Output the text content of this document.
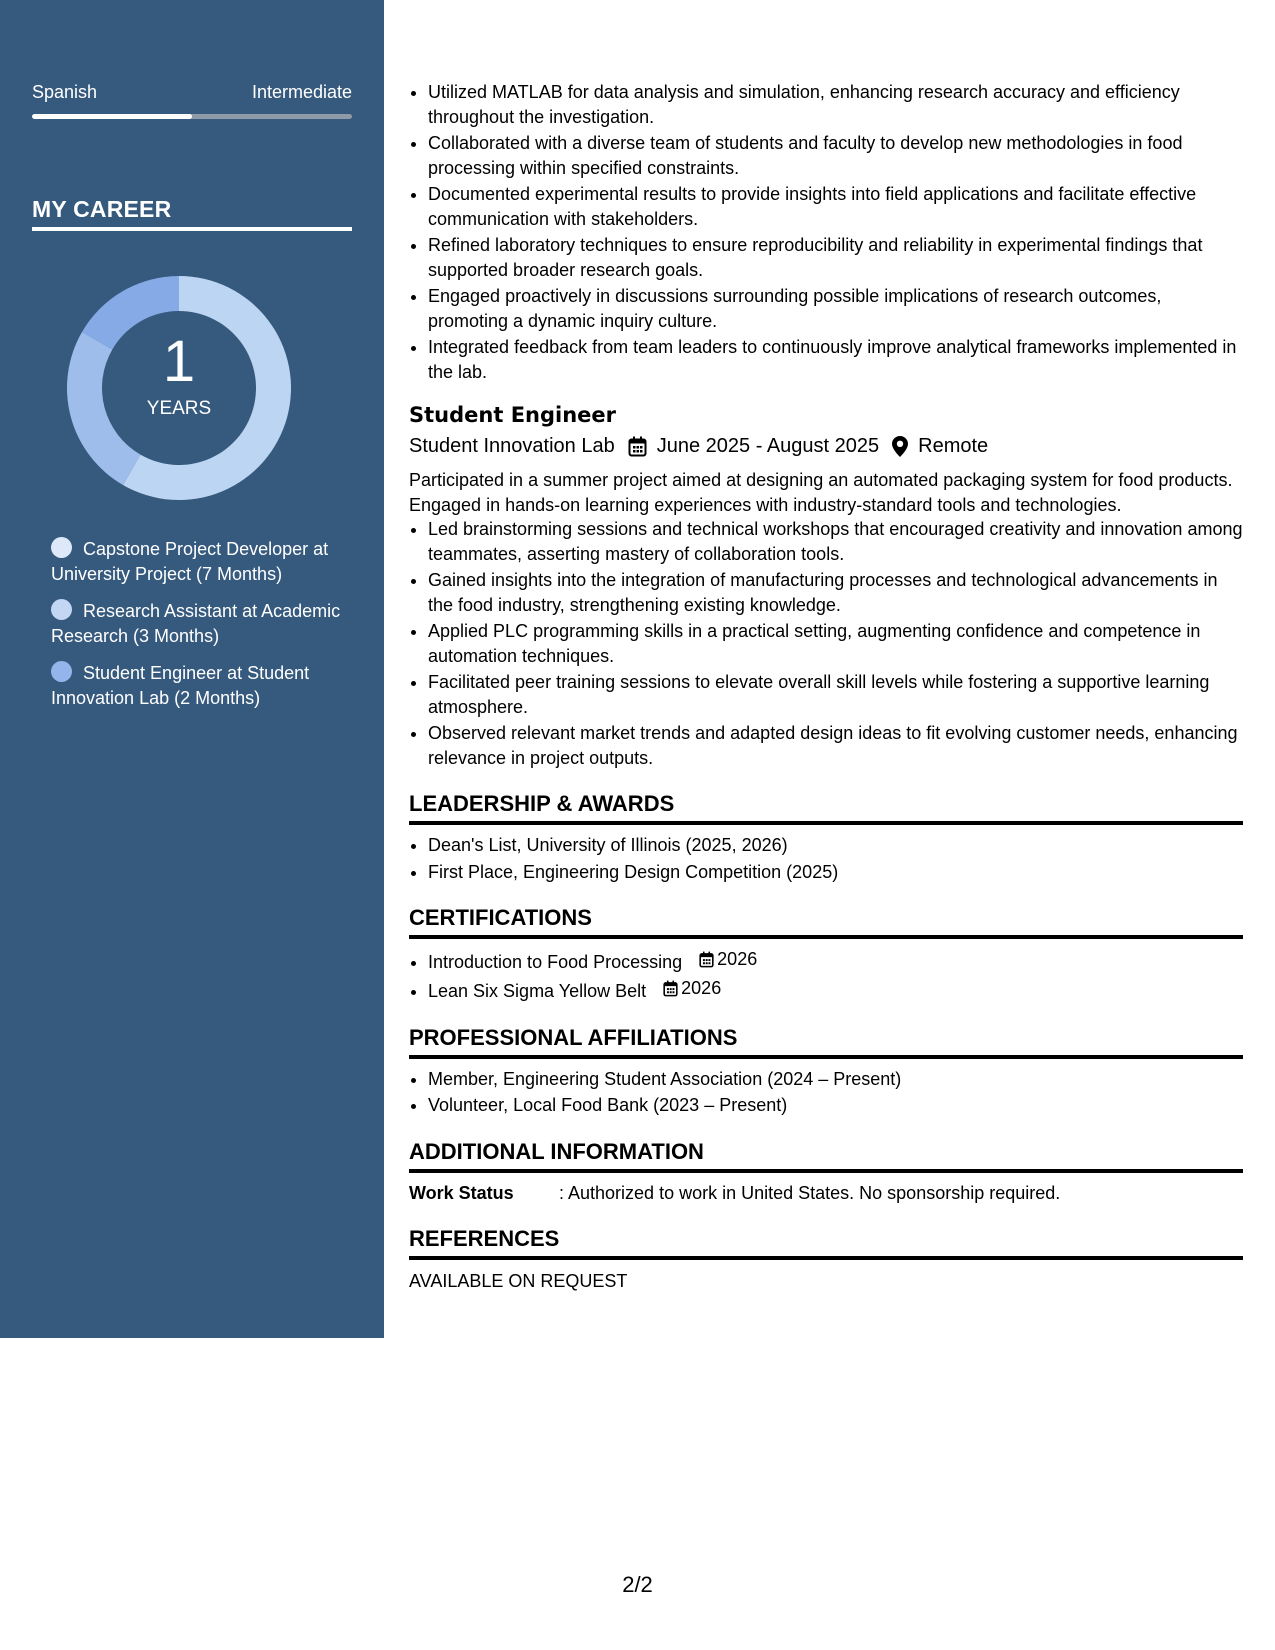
Spanish	Intermediate
MY CAREER
1
YEARS
Capstone Project Developer at University Project (7 Months)
Research Assistant at Academic Research (3 Months)
Student Engineer at Student Innovation Lab (2 Months)
• Utilized MATLAB for data analysis and simulation, enhancing research accuracy and efficiency throughout the investigation.
• Collaborated with a diverse team of students and faculty to develop new methodologies in food processing within specified constraints.
• Documented experimental results to provide insights into field applications and facilitate effective communication with stakeholders.
• Refined laboratory techniques to ensure reproducibility and reliability in experimental findings that supported broader research goals.
• Engaged proactively in discussions surrounding possible implications of research outcomes, promoting a dynamic inquiry culture.
• Integrated feedback from team leaders to continuously improve analytical frameworks implemented in the lab.
Student Engineer
Student Innovation Lab June 2025 - August 2025 Remote

Participated in a summer project aimed at designing an automated packaging system for food products. Engaged in hands-on learning experiences with industry-standard tools and technologies.

• Led brainstorming sessions and technical workshops that encouraged creativity and innovation among teammates, asserting mastery of collaboration tools.
• Gained insights into the integration of manufacturing processes and technological advancements in the food industry, strengthening existing knowledge.
• Applied PLC programming skills in a practical setting, augmenting confidence and competence in automation techniques.
• Facilitated peer training sessions to elevate overall skill levels while fostering a supportive learning atmosphere.
• Observed relevant market trends and adapted design ideas to fit evolving customer needs, enhancing relevance in project outputs.
LEADERSHIP & AWARDS
• Dean's List, University of Illinois (2025, 2026)
• First Place, Engineering Design Competition (2025)
CERTIFICATIONS
• Introduction to Food Processing 2026
• Lean Six Sigma Yellow Belt 2026
PROFESSIONAL AFFILIATIONS
• Member, Engineering Student Association (2024 – Present)
• Volunteer, Local Food Bank (2023 – Present)
ADDITIONAL INFORMATION
Work Status	: Authorized to work in United States. No sponsorship required.
REFERENCES
AVAILABLE ON REQUEST
2/2
